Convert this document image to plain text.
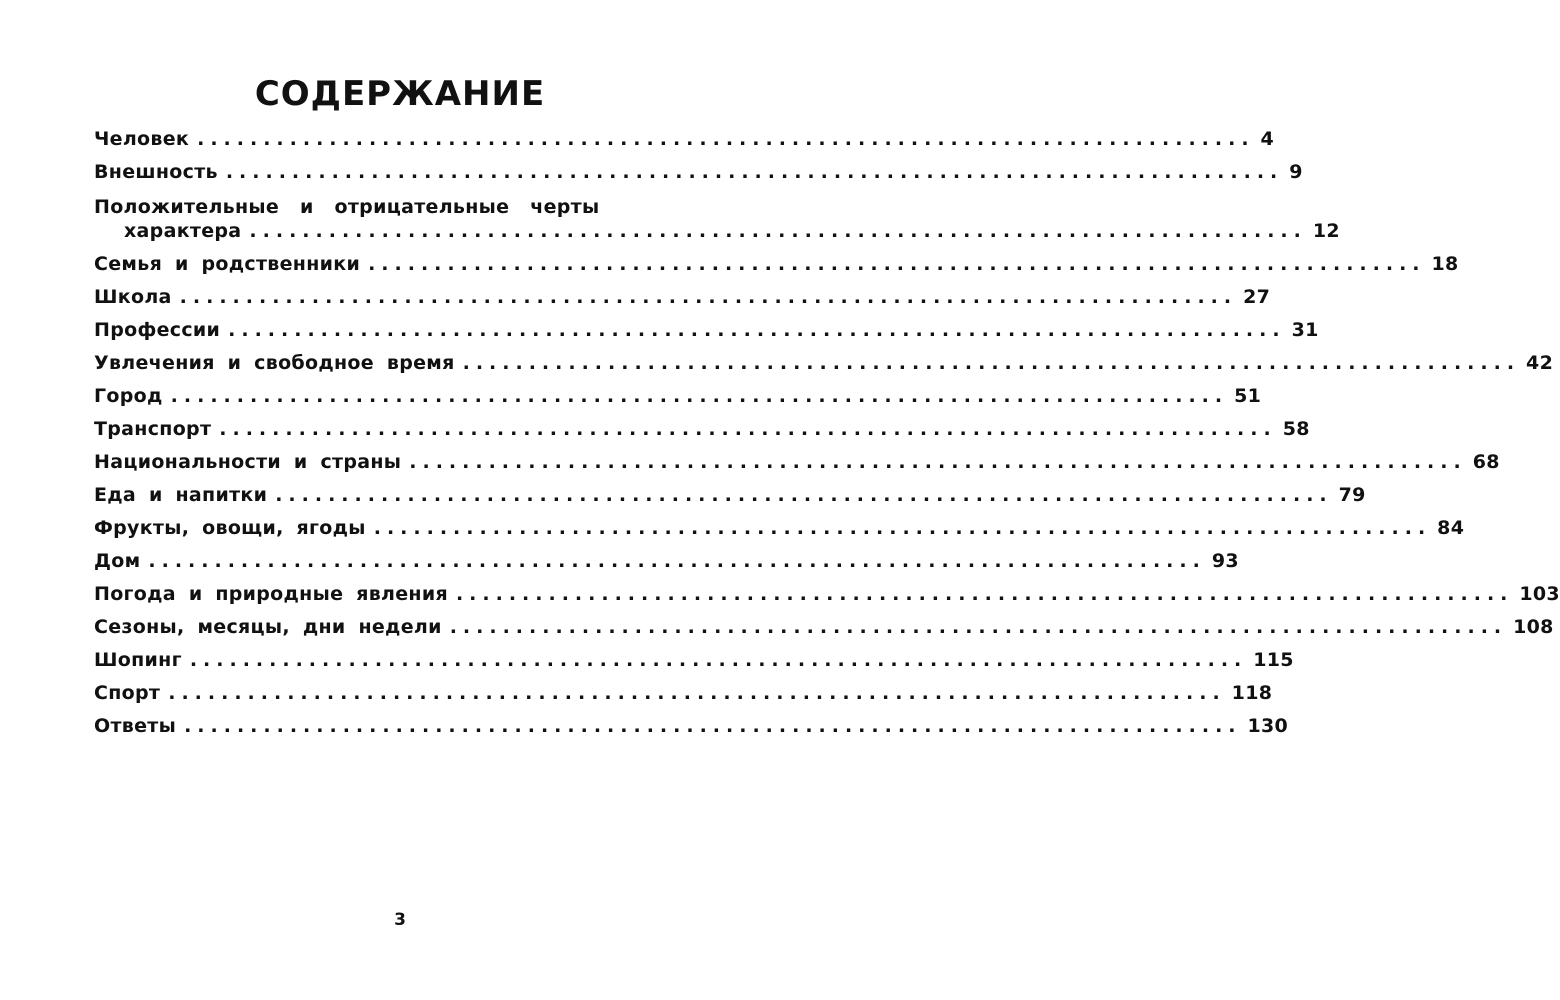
СОДЕРЖАНИЕ
Человек ................................................................................ 4
Внешность ................................................................................ 9
Положительные и отрицательные черты
характера ................................................................................ 12
Семья и родственники ................................................................................ 18
Школа ................................................................................ 27
Профессии ................................................................................ 31
Увлечения и свободное время ................................................................................ 42
Город ................................................................................ 51
Транспорт ................................................................................ 58
Национальности и страны ................................................................................ 68
Еда и напитки ................................................................................ 79
Фрукты, овощи, ягоды ................................................................................ 84
Дом ................................................................................ 93
Погода и природные явления ................................................................................ 103
Сезоны, месяцы, дни недели ................................................................................ 108
Шопинг ................................................................................ 115
Спорт ................................................................................ 118
Ответы ................................................................................ 130
3
